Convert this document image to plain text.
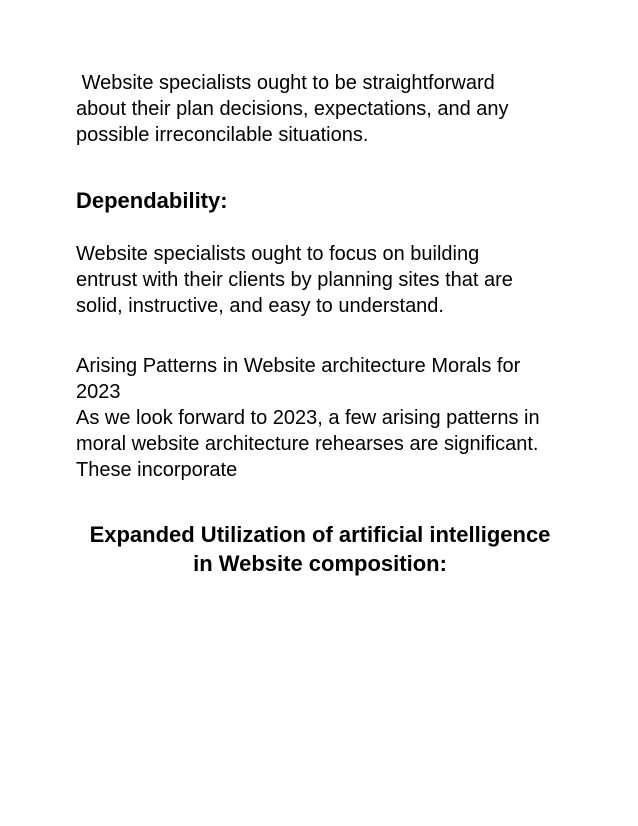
Website specialists ought to be straightforward
about their plan decisions, expectations, and any
possible irreconcilable situations.
Dependability:
Website specialists ought to focus on building
entrust with their clients by planning sites that are
solid, instructive, and easy to understand.
Arising Patterns in Website architecture Morals for
2023
As we look forward to 2023, a few arising patterns in
moral website architecture rehearses are significant.
These incorporate
Expanded Utilization of artificial intelligence
in Website composition:
